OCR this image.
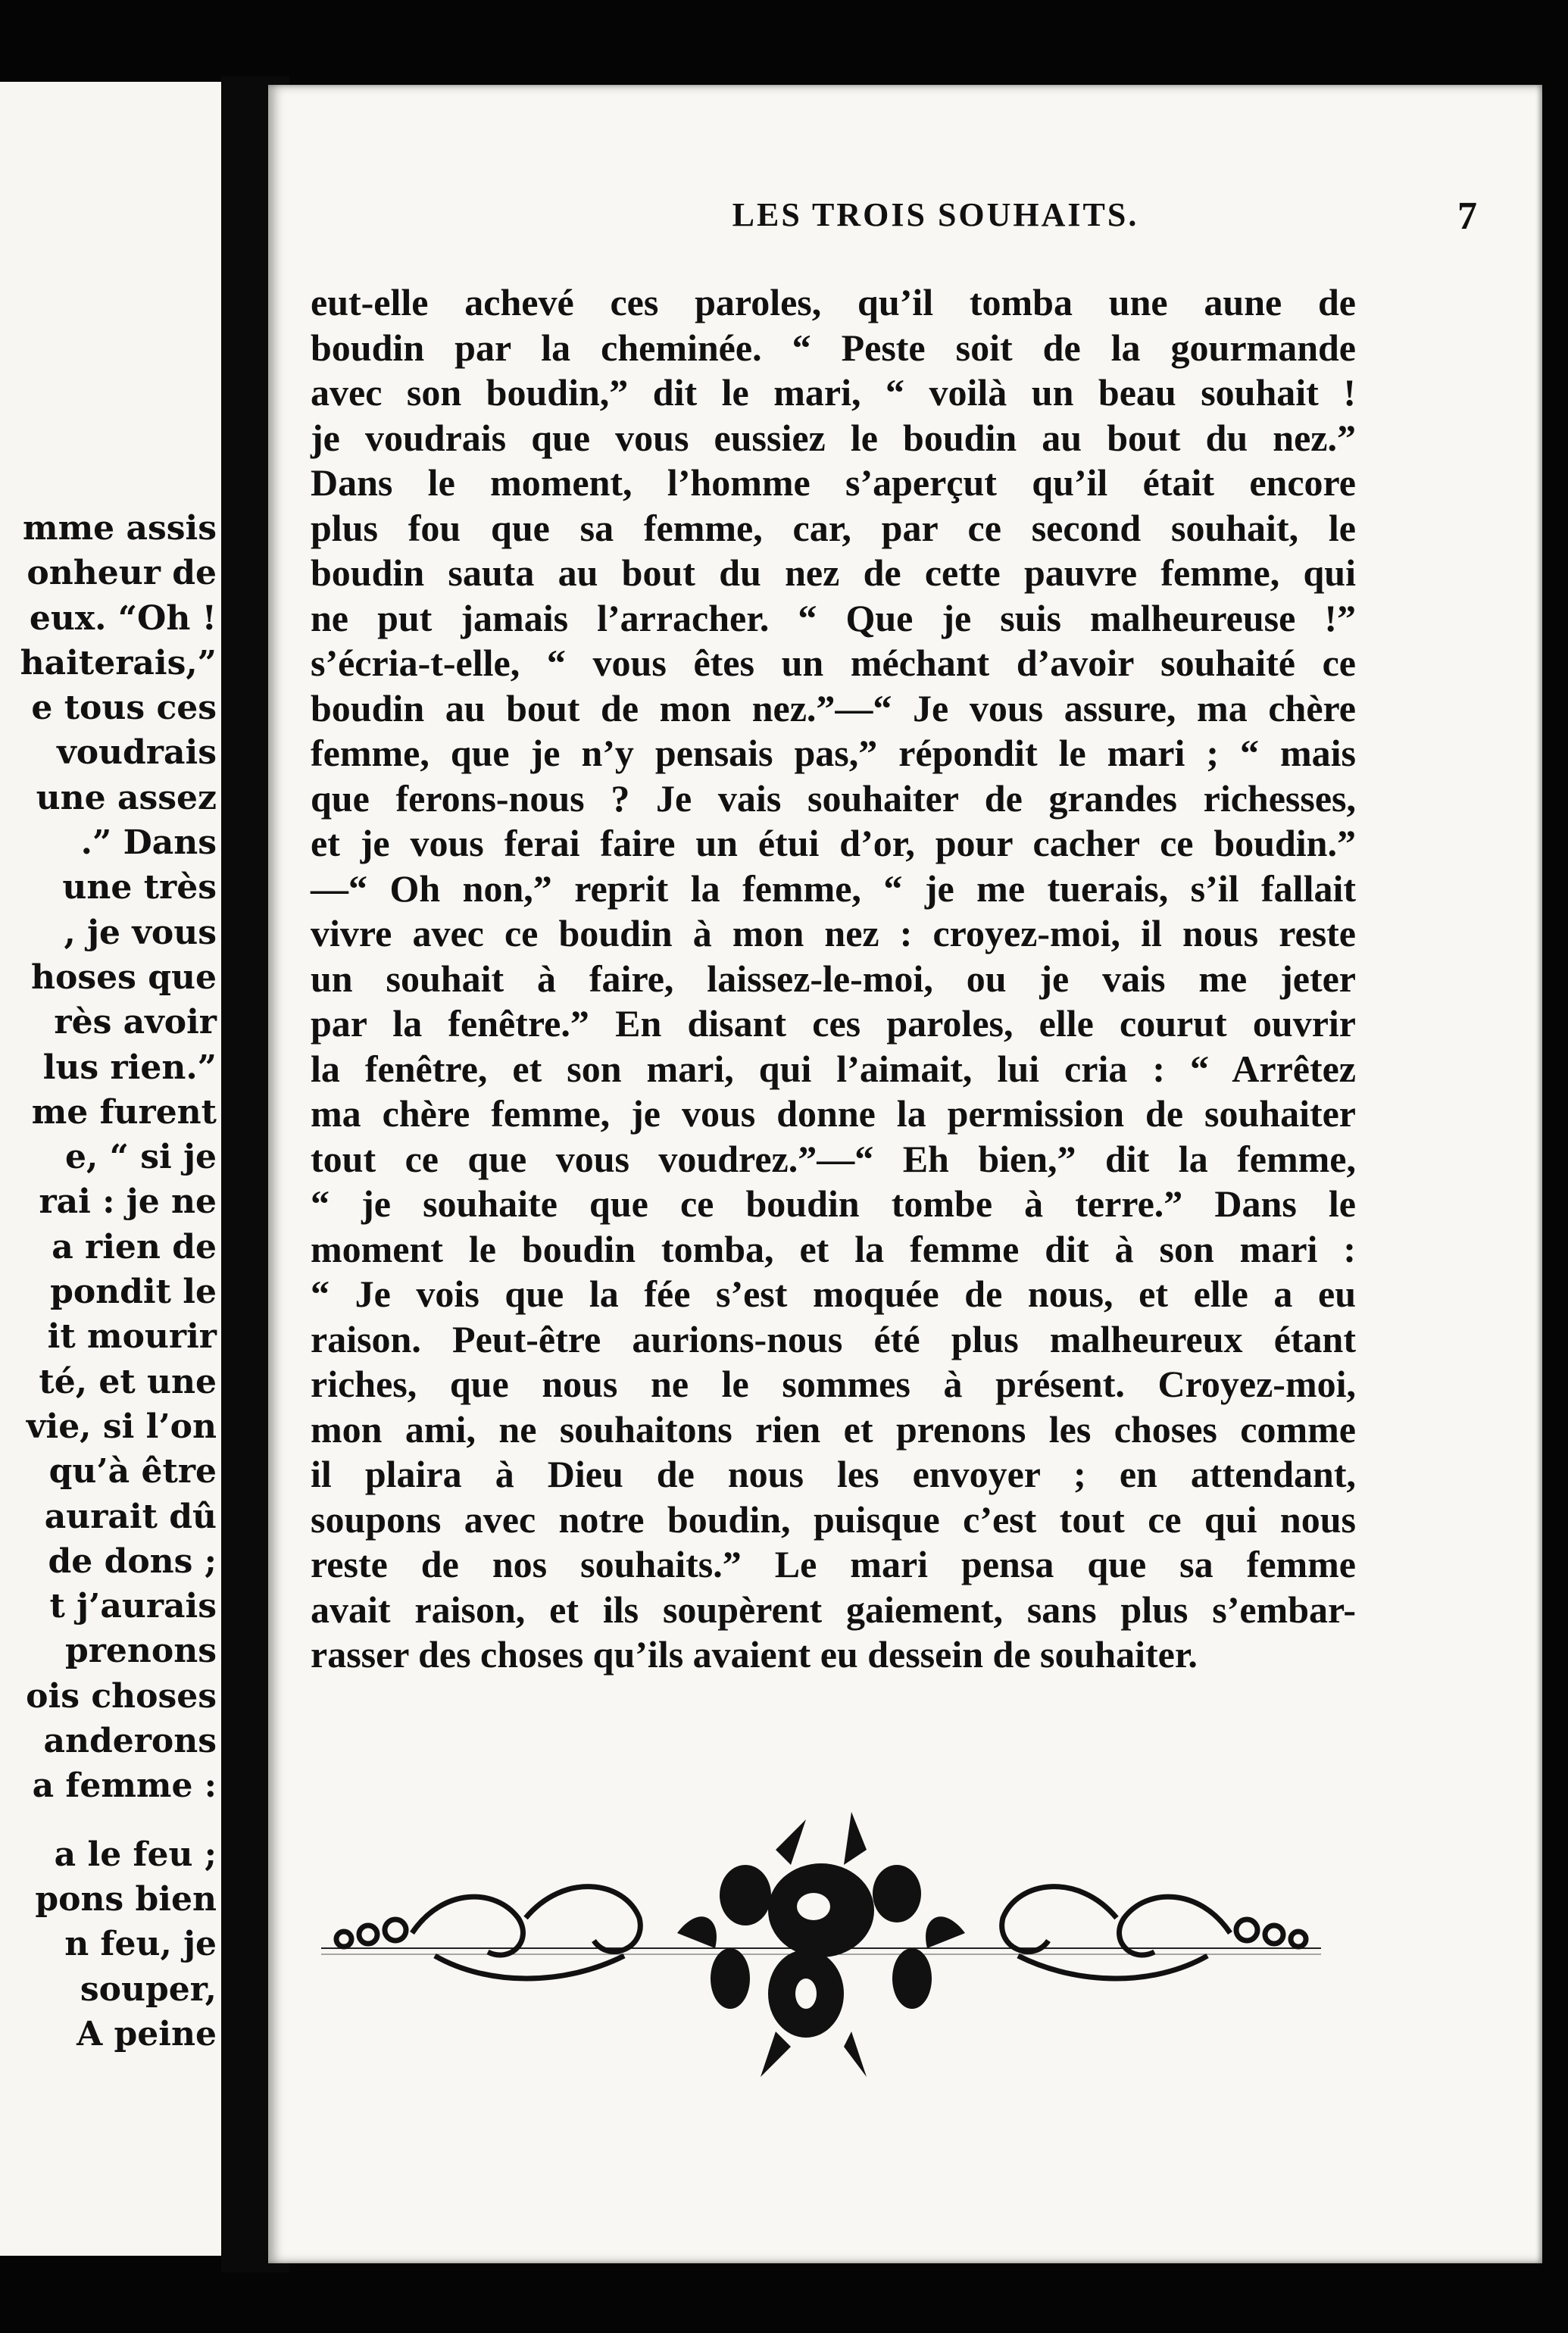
mme assis
onheur de
eux. “Oh !
haiterais,”
e tous ces
voudrais
une assez
.” Dans
une très
, je vous
hoses que
rès avoir
lus rien.”
me furent
e, “ si je
rai : je ne
a rien de
pondit le
it mourir
té, et une
vie, si l’on
qu’à être
aurait dû
de dons ;
t j’aurais
prenons
ois choses
anderons
a femme :
a le feu ;
pons bien
n feu, je
souper,
A peine
LES TROIS SOUHAITS.	7
eut-elle achevé ces paroles, qu’il tomba une aune de
boudin par la cheminée. “ Peste soit de la gourmande
avec son boudin,” dit le mari, “ voilà un beau souhait !
je voudrais que vous eussiez le boudin au bout du nez.”
Dans le moment, l’homme s’aperçut qu’il était encore
plus fou que sa femme, car, par ce second souhait, le
boudin sauta au bout du nez de cette pauvre femme, qui
ne put jamais l’arracher. “ Que je suis malheureuse !”
s’écria-t-elle, “ vous êtes un méchant d’avoir souhaité ce
boudin au bout de mon nez.”—“ Je vous assure, ma chère
femme, que je n’y pensais pas,” répondit le mari ; “ mais
que ferons-nous ? Je vais souhaiter de grandes richesses,
et je vous ferai faire un étui d’or, pour cacher ce boudin.”
—“ Oh non,” reprit la femme, “ je me tuerais, s’il fallait
vivre avec ce boudin à mon nez : croyez-moi, il nous reste
un souhait à faire, laissez-le-moi, ou je vais me jeter
par la fenêtre.” En disant ces paroles, elle courut ouvrir
la fenêtre, et son mari, qui l’aimait, lui cria : “ Arrêtez
ma chère femme, je vous donne la permission de souhaiter
tout ce que vous voudrez.”—“ Eh bien,” dit la femme,
“ je souhaite que ce boudin tombe à terre.” Dans le
moment le boudin tomba, et la femme dit à son mari :
“ Je vois que la fée s’est moquée de nous, et elle a eu
raison. Peut-être aurions-nous été plus malheureux étant
riches, que nous ne le sommes à présent. Croyez-moi,
mon ami, ne souhaitons rien et prenons les choses comme
il plaira à Dieu de nous les envoyer ; en attendant,
soupons avec notre boudin, puisque c’est tout ce qui nous
reste de nos souhaits.” Le mari pensa que sa femme
avait raison, et ils soupèrent gaiement, sans plus s’embar-
rasser des choses qu’ils avaient eu dessein de souhaiter.
